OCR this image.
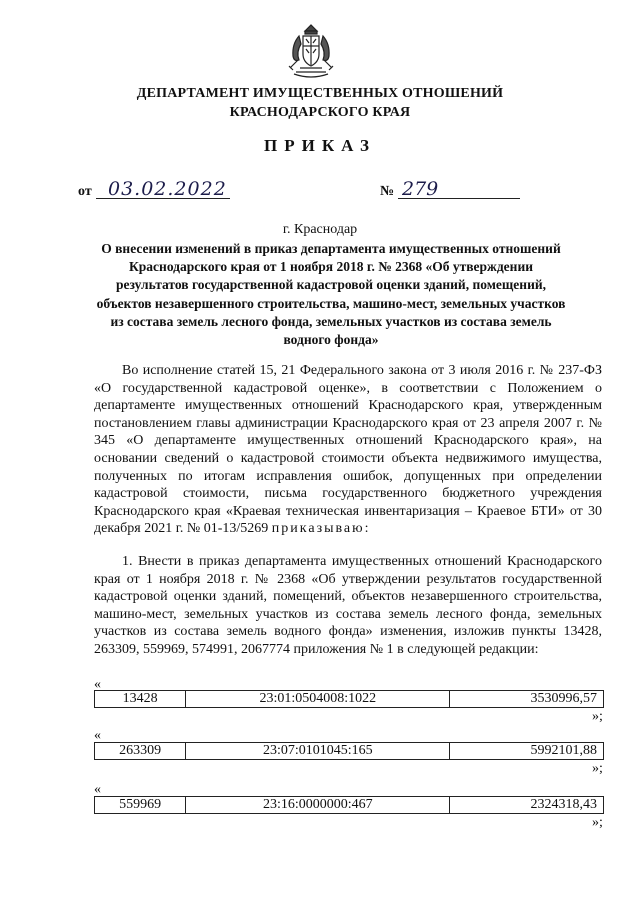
ДЕПАРТАМЕНТ ИМУЩЕСТВЕННЫХ ОТНОШЕНИЙ
КРАСНОДАРСКОГО КРАЯ
ПРИКАЗ
от 03.02.2022	№ 279
г. Краснодар
О внесении изменений в приказ департамента имущественных отношений Краснодарского края от 1 ноября 2018 г. № 2368 «Об утверждении результатов государственной кадастровой оценки зданий, помещений, объектов незавершенного строительства, машино-мест, земельных участков из состава земель лесного фонда, земельных участков из состава земель водного фонда»
Во исполнение статей 15, 21 Федерального закона от 3 июля 2016 г. № 237-ФЗ «О государственной кадастровой оценке», в соответствии с Положением о департаменте имущественных отношений Краснодарского края, утвержденным постановлением главы администрации Краснодарского края от 23 апреля 2007 г. № 345 «О департаменте имущественных отношений Краснодарского края», на основании сведений о кадастровой стоимости объекта недвижимого имущества, полученных по итогам исправления ошибок, допущенных при определении кадастровой стоимости, письма государственного бюджетного учреждения Краснодарского края «Краевая техническая инвентаризация – Краевое БТИ» от 30 декабря 2021 г. № 01-13/5269 приказываю:
1. Внести в приказ департамента имущественных отношений Краснодарского края от 1 ноября 2018 г. № 2368 «Об утверждении результатов государственной кадастровой оценки зданий, помещений, объектов незавершенного строительства, машино-мест, земельных участков из состава земель лесного фонда, земельных участков из состава земель водного фонда» изменения, изложив пункты 13428, 263309, 559969, 574991, 2067774 приложения № 1 в следующей редакции:
«
13428	23:01:0504008:1022	3530996,57
»;
«
263309	23:07:0101045:165	5992101,88
»;
«
559969	23:16:0000000:467	2324318,43
»;
